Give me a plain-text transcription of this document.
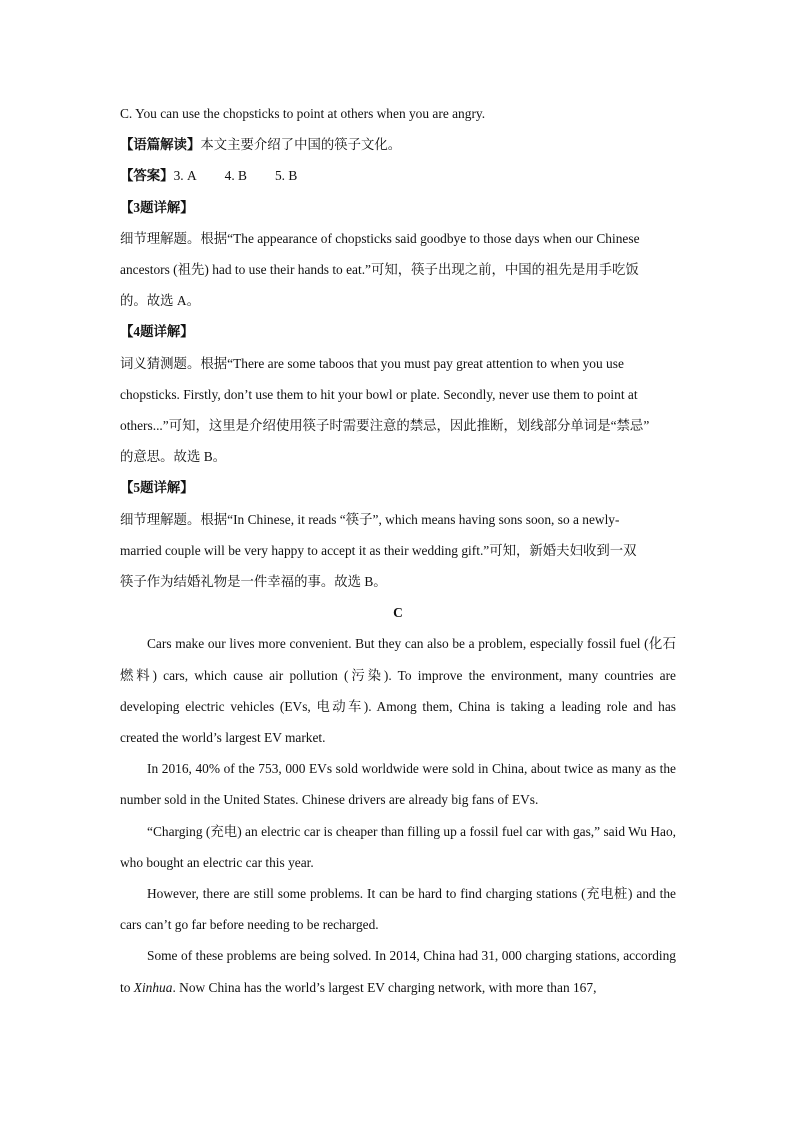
C. You can use the chopsticks to point at others when you are angry.

【语篇解读】本文主要介绍了中国的筷子文化。

【答案】3. A 4. B 5. B

【3题详解】

细节理解题。根据“The appearance of chopsticks said goodbye to those days when our Chinese

ancestors (祖先) had to use their hands to eat.”可知，筷子出现之前，中国的祖先是用手吃饭

的。故选 A。

【4题详解】

词义猜测题。根据“There are some taboos that you must pay great attention to when you use

chopsticks. Firstly, don’t use them to hit your bowl or plate. Secondly, never use them to point at

others...”可知，这里是介绍使用筷子时需要注意的禁忌，因此推断，划线部分单词是“禁忌”

的意思。故选 B。

【5题详解】

细节理解题。根据“In Chinese, it reads “筷子”, which means having sons soon, so a newly-

married couple will be very happy to accept it as their wedding gift.”可知，新婚夫妇收到一双

筷子作为结婚礼物是一件幸福的事。故选 B。

C

Cars make our lives more convenient. But they can also be a problem, especially fossil fuel (化石燃料) cars, which cause air pollution (污染). To improve the environment, many countries are developing electric vehicles (EVs, 电动车). Among them, China is taking a leading role and has created the world’s largest EV market.

In 2016, 40% of the 753, 000 EVs sold worldwide were sold in China, about twice as many as the number sold in the United States. Chinese drivers are already big fans of EVs.

“Charging (充电) an electric car is cheaper than filling up a fossil fuel car with gas,” said Wu Hao, who bought an electric car this year.

However, there are still some problems. It can be hard to find charging stations (充电桩) and the cars can’t go far before needing to be recharged.

Some of these problems are being solved. In 2014, China had 31, 000 charging stations, according to Xinhua. Now China has the world’s largest EV charging network, with more than 167,
